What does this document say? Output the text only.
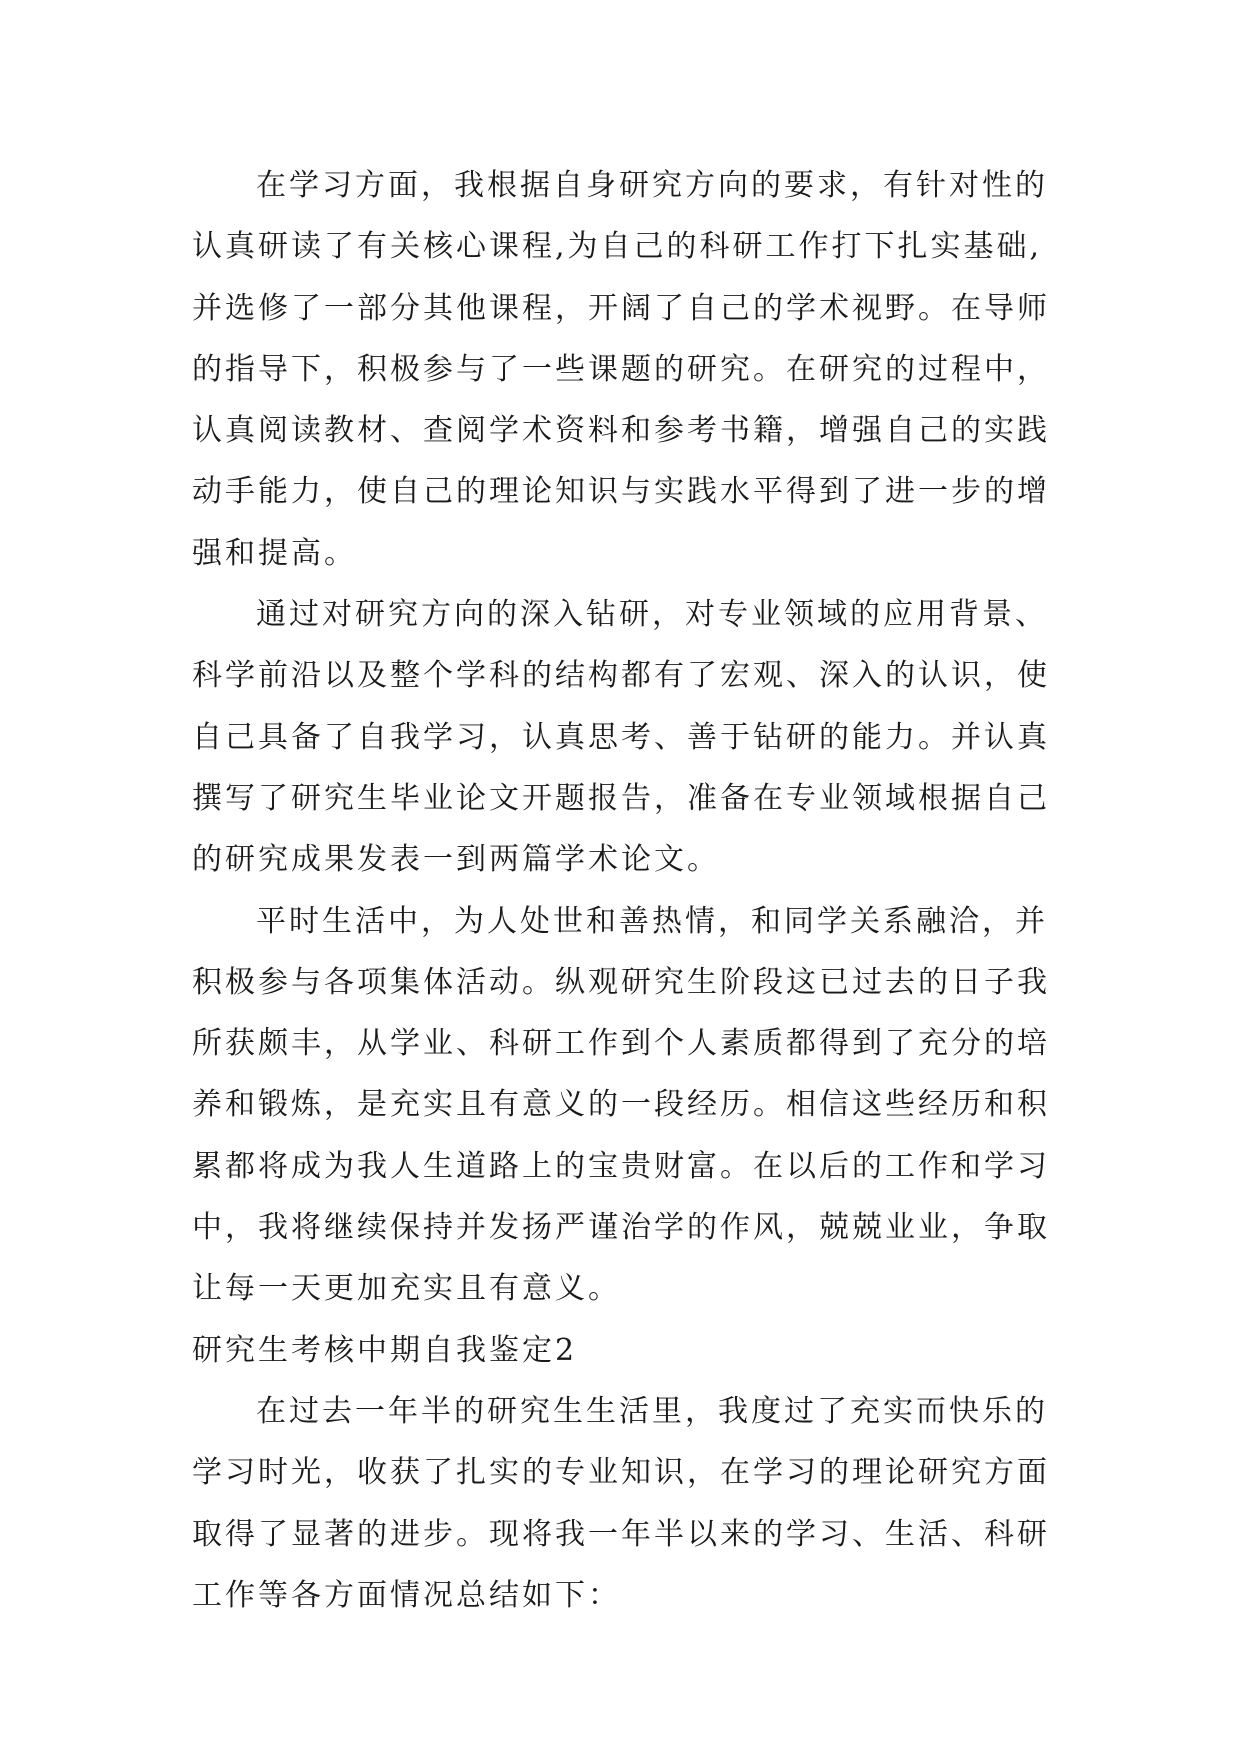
在学习方面，我根据自身研究方向的要求，有针对性的
认真研读了有关核心课程,为自己的科研工作打下扎实基础,
并选修了一部分其他课程，开阔了自己的学术视野。在导师
的指导下，积极参与了一些课题的研究。在研究的过程中，
认真阅读教材、查阅学术资料和参考书籍，增强自己的实践
动手能力，使自己的理论知识与实践水平得到了进一步的增
强和提高。
通过对研究方向的深入钻研，对专业领域的应用背景、
科学前沿以及整个学科的结构都有了宏观、深入的认识，使
自己具备了自我学习，认真思考、善于钻研的能力。并认真
撰写了研究生毕业论文开题报告，准备在专业领域根据自己
的研究成果发表一到两篇学术论文。
平时生活中，为人处世和善热情，和同学关系融洽，并
积极参与各项集体活动。纵观研究生阶段这已过去的日子我
所获颇丰，从学业、科研工作到个人素质都得到了充分的培
养和锻炼，是充实且有意义的一段经历。相信这些经历和积
累都将成为我人生道路上的宝贵财富。在以后的工作和学习
中，我将继续保持并发扬严谨治学的作风，兢兢业业，争取
让每一天更加充实且有意义。
研究生考核中期自我鉴定2
在过去一年半的研究生生活里，我度过了充实而快乐的
学习时光，收获了扎实的专业知识，在学习的理论研究方面
取得了显著的进步。现将我一年半以来的学习、生活、科研
工作等各方面情况总结如下：
